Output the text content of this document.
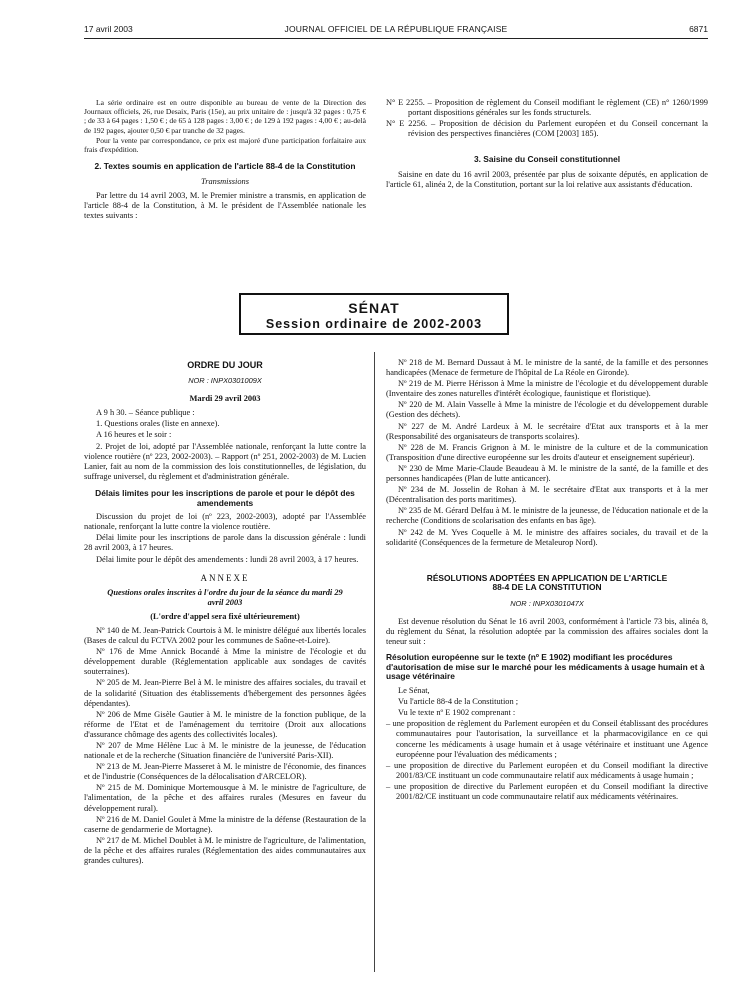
17 avril 2003	JOURNAL OFFICIEL DE LA RÉPUBLIQUE FRANÇAISE	6871

La série ordinaire est en outre disponible au bureau de vente de la Direction des Journaux officiels, 26, rue Desaix, Paris (15e), au prix unitaire de : jusqu'à 32 pages : 0,75 € ; de 33 à 64 pages : 1,50 € ; de 65 à 128 pages : 3,00 € ; de 129 à 192 pages : 4,00 € ; au-delà de 192 pages, ajouter 0,50 € par tranche de 32 pages.

Pour la vente par correspondance, ce prix est majoré d'une participation forfaitaire aux frais d'expédition.

2. Textes soumis en application de l'article 88-4 de la Constitution
Transmissions

Par lettre du 14 avril 2003, M. le Premier ministre a transmis, en application de l'article 88-4 de la Constitution, à M. le président de l'Assemblée nationale les textes suivants :

N° E 2255. – Proposition de règlement du Conseil modifiant le règlement (CE) n° 1260/1999 portant dispositions générales sur les fonds structurels.

N° E 2256. – Proposition de décision du Parlement européen et du Conseil concernant la révision des perspectives financières (COM [2003] 185).

3. Saisine du Conseil constitutionnel

Saisine en date du 16 avril 2003, présentée par plus de soixante députés, en application de l'article 61, alinéa 2, de la Constitution, portant sur la loi relative aux assistants d'éducation.

SÉNAT
Session ordinaire de 2002-2003
ORDRE DU JOUR
NOR : INPX0301009X
Mardi 29 avril 2003

A 9 h 30. – Séance publique :

1. Questions orales (liste en annexe).

A 16 heures et le soir :

2. Projet de loi, adopté par l'Assemblée nationale, renforçant la lutte contre la violence routière (nº 223, 2002-2003). – Rapport (nº 251, 2002-2003) de M. Lucien Lanier, fait au nom de la commission des lois constitutionnelles, de législation, du suffrage universel, du règlement et d'administration générale.

Délais limites pour les inscriptions de parole et pour le dépôt des amendements

Discussion du projet de loi (nº 223, 2002-2003), adopté par l'Assemblée nationale, renforçant la lutte contre la violence routière.

Délai limite pour les inscriptions de parole dans la discussion générale : lundi 28 avril 2003, à 17 heures.

Délai limite pour le dépôt des amendements : lundi 28 avril 2003, à 17 heures.

ANNEXE
Questions orales inscrites à l'ordre du jour de la séance du mardi 29 avril 2003
(L'ordre d'appel sera fixé ultérieurement)

Nº 140 de M. Jean-Patrick Courtois à M. le ministre délégué aux libertés locales (Bases de calcul du FCTVA 2002 pour les communes de Saône-et-Loire).

Nº 176 de Mme Annick Bocandé à Mme la ministre de l'écologie et du développement durable (Réglementation applicable aux sondages de cavités souterraines).

Nº 205 de M. Jean-Pierre Bel à M. le ministre des affaires sociales, du travail et de la solidarité (Situation des établissements d'hébergement des personnes âgées dépendantes).

Nº 206 de Mme Gisèle Gautier à M. le ministre de la fonction publique, de la réforme de l'Etat et de l'aménagement du territoire (Droit aux allocations d'assurance chômage des agents des collectivités locales).

Nº 207 de Mme Hélène Luc à M. le ministre de la jeunesse, de l'éducation nationale et de la recherche (Situation financière de l'université Paris-XII).

Nº 213 de M. Jean-Pierre Masseret à M. le ministre de l'économie, des finances et de l'industrie (Conséquences de la délocalisation d'ARCELOR).

Nº 215 de M. Dominique Mortemousque à M. le ministre de l'agriculture, de l'alimentation, de la pêche et des affaires rurales (Mesures en faveur du développement rural).

Nº 216 de M. Daniel Goulet à Mme la ministre de la défense (Restauration de la caserne de gendarmerie de Mortagne).

Nº 217 de M. Michel Doublet à M. le ministre de l'agriculture, de l'alimentation, de la pêche et des affaires rurales (Réglementation des aides communautaires aux grandes cultures).

Nº 218 de M. Bernard Dussaut à M. le ministre de la santé, de la famille et des personnes handicapées (Menace de fermeture de l'hôpital de La Réole en Gironde).

Nº 219 de M. Pierre Hérisson à Mme la ministre de l'écologie et du développement durable (Inventaire des zones naturelles d'intérêt écologique, faunistique et floristique).

Nº 220 de M. Alain Vasselle à Mme la ministre de l'écologie et du développement durable (Gestion des déchets).

Nº 227 de M. André Lardeux à M. le secrétaire d'Etat aux transports et à la mer (Responsabilité des organisateurs de transports scolaires).

Nº 228 de M. Francis Grignon à M. le ministre de la culture et de la communication (Transposition d'une directive européenne sur les droits d'auteur et enseignement supérieur).

Nº 230 de Mme Marie-Claude Beaudeau à M. le ministre de la santé, de la famille et des personnes handicapées (Plan de lutte anticancer).

Nº 234 de M. Josselin de Rohan à M. le secrétaire d'Etat aux transports et à la mer (Décentralisation des ports maritimes).

Nº 235 de M. Gérard Delfau à M. le ministre de la jeunesse, de l'éducation nationale et de la recherche (Conditions de scolarisation des enfants en bas âge).

Nº 242 de M. Yves Coquelle à M. le ministre des affaires sociales, du travail et de la solidarité (Conséquences de la fermeture de Metaleurop Nord).

RÉSOLUTIONS ADOPTÉES EN APPLICATION DE L'ARTICLE 88-4 DE LA CONSTITUTION
NOR : INPX0301047X

Est devenue résolution du Sénat le 16 avril 2003, conformément à l'article 73 bis, alinéa 8, du règlement du Sénat, la résolution adoptée par la commission des affaires sociales dont la teneur suit :

Résolution européenne sur le texte (nº E 1902) modifiant les procédures d'autorisation de mise sur le marché pour les médicaments à usage humain et à usage vétérinaire

Le Sénat,

Vu l'article 88-4 de la Constitution ;

Vu le texte nº E 1902 comprenant :

– une proposition de règlement du Parlement européen et du Conseil établissant des procédures communautaires pour l'autorisation, la surveillance et la pharmacovigilance en ce qui concerne les médicaments à usage humain et à usage vétérinaire et instituant une Agence européenne pour l'évaluation des médicaments ;

– une proposition de directive du Parlement européen et du Conseil modifiant la directive 2001/83/CE instituant un code communautaire relatif aux médicaments à usage humain ;

– une proposition de directive du Parlement européen et du Conseil modifiant la directive 2001/82/CE instituant un code communautaire relatif aux médicaments vétérinaires.
